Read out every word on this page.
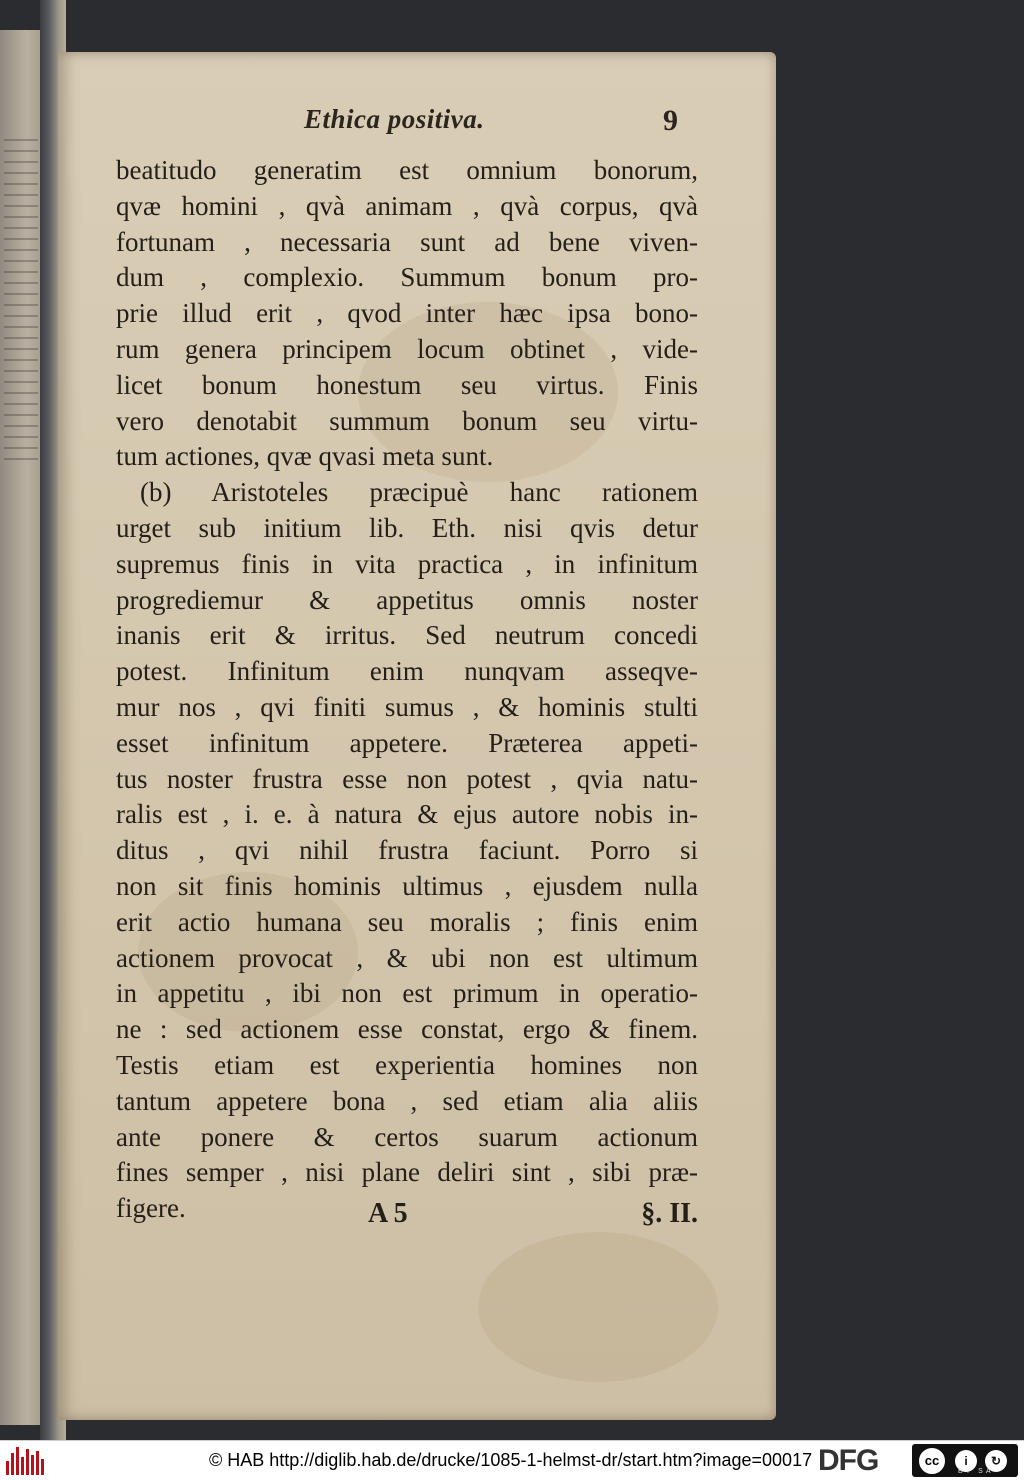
Ethica positiva.	9
beatitudo generatim est omnium bonorum,
qvæ homini , qvà animam , qvà corpus, qvà
fortunam , necessaria sunt ad bene viven-
dum , complexio. Summum bonum pro-
prie illud erit , qvod inter hæc ipsa bono-
rum genera principem locum obtinet , vide-
licet bonum honestum seu virtus. Finis
vero denotabit summum bonum seu virtu-
tum actiones, qvæ qvasi meta sunt.
(b) Aristoteles præcipuè hanc rationem
urget sub initium lib. Eth. nisi qvis detur
supremus finis in vita practica , in infinitum
progrediemur & appetitus omnis noster
inanis erit & irritus. Sed neutrum concedi
potest. Infinitum enim nunqvam asseqve-
mur nos , qvi finiti sumus , & hominis stulti
esset infinitum appetere. Præterea appeti-
tus noster frustra esse non potest , qvia natu-
ralis est , i. e. à natura & ejus autore nobis in-
ditus , qvi nihil frustra faciunt. Porro si
non sit finis hominis ultimus , ejusdem nulla
erit actio humana seu moralis ; finis enim
actionem provocat , & ubi non est ultimum
in appetitu , ibi non est primum in operatio-
ne : sed actionem esse constat, ergo & finem.
Testis etiam est experientia homines non
tantum appetere bona , sed etiam alia aliis
ante ponere & certos suarum actionum
fines semper , nisi plane deliri sint , sibi præ-
figere.	A 5	§. II.
© HAB http://diglib.hab.de/drucke/1085-1-helmst-dr/start.htm?image=00017 DFG	cc	i	↻
BY SA
